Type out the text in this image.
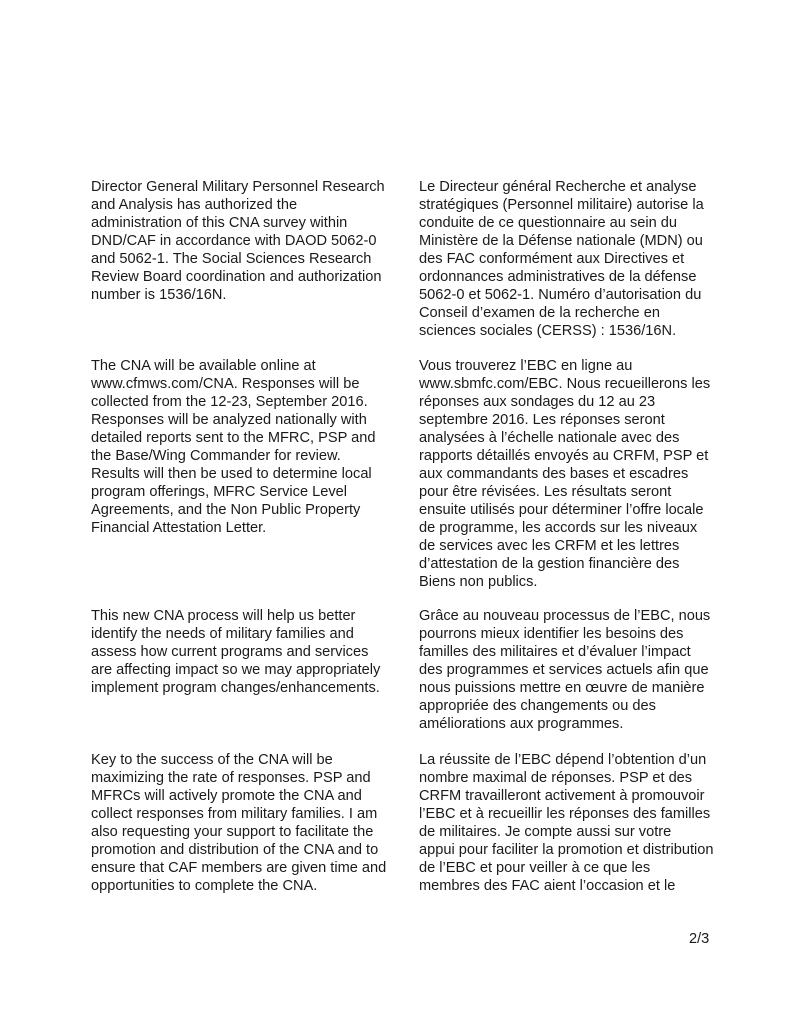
Director General Military Personnel Research
and Analysis has authorized the
administration of this CNA survey within
DND/CAF in accordance with DAOD 5062-0
and 5062-1. The Social Sciences Research
Review Board coordination and authorization
number is 1536/16N.

Le Directeur général Recherche et analyse
stratégiques (Personnel militaire) autorise la
conduite de ce questionnaire au sein du
Ministère de la Défense nationale (MDN) ou
des FAC conformément aux Directives et
ordonnances administratives de la défense
5062-0 et 5062-1. Numéro d’autorisation du
Conseil d’examen de la recherche en
sciences sociales (CERSS) : 1536/16N.

The CNA will be available online at
www.cfmws.com/CNA. Responses will be
collected from the 12-23, September 2016.
Responses will be analyzed nationally with
detailed reports sent to the MFRC, PSP and
the Base/Wing Commander for review.
Results will then be used to determine local
program offerings, MFRC Service Level
Agreements, and the Non Public Property
Financial Attestation Letter.

Vous trouverez l’EBC en ligne au
www.sbmfc.com/EBC. Nous recueillerons les
réponses aux sondages du 12 au 23
septembre 2016. Les réponses seront
analysées à l’échelle nationale avec des
rapports détaillés envoyés au CRFM, PSP et
aux commandants des bases et escadres
pour être révisées. Les résultats seront
ensuite utilisés pour déterminer l’offre locale
de programme, les accords sur les niveaux
de services avec les CRFM et les lettres
d’attestation de la gestion financière des
Biens non publics.

This new CNA process will help us better
identify the needs of military families and
assess how current programs and services
are affecting impact so we may appropriately
implement program changes/enhancements.

Grâce au nouveau processus de l’EBC, nous
pourrons mieux identifier les besoins des
familles des militaires et d’évaluer l’impact
des programmes et services actuels afin que
nous puissions mettre en œuvre de manière
appropriée des changements ou des
améliorations aux programmes.

Key to the success of the CNA will be
maximizing the rate of responses. PSP and
MFRCs will actively promote the CNA and
collect responses from military families. I am
also requesting your support to facilitate the
promotion and distribution of the CNA and to
ensure that CAF members are given time and
opportunities to complete the CNA.

La réussite de l’EBC dépend l’obtention d’un
nombre maximal de réponses. PSP et des
CRFM travailleront activement à promouvoir
l’EBC et à recueillir les réponses des familles
de militaires. Je compte aussi sur votre
appui pour faciliter la promotion et distribution
de l’EBC et pour veiller à ce que les
membres des FAC aient l’occasion et le

2/3
